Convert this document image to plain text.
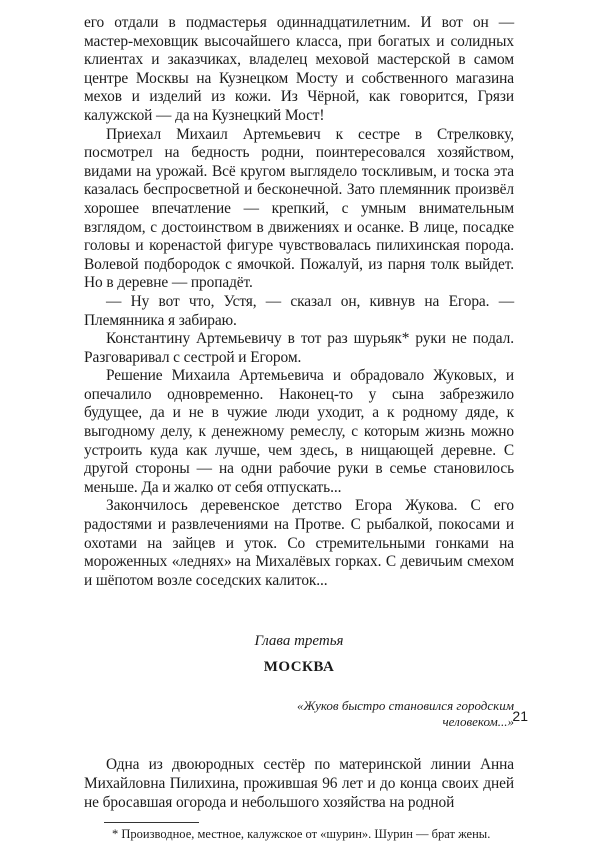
его отдали в подмастерья одиннадцатилетним. И вот он — мастер-меховщик высочайшего класса, при богатых и солидных клиентах и заказчиках, владелец меховой мастерской в самом центре Москвы на Кузнецком Мосту и собственного магазина мехов и изделий из кожи. Из Чёрной, как говорится, Грязи калужской — да на Кузнецкий Мост!

Приехал Михаил Артемьевич к сестре в Стрелковку, посмотрел на бедность родни, поинтересовался хозяйством, видами на урожай. Всё кругом выглядело тоскливым, и тоска эта казалась беспросветной и бесконечной. Зато племянник произвёл хорошее впечатление — крепкий, с умным внимательным взглядом, с достоинством в движениях и осанке. В лице, посадке головы и коренастой фигуре чувствовалась пилихинская порода. Волевой подбородок с ямочкой. Пожалуй, из парня толк выйдет. Но в деревне — пропадёт.

— Ну вот что, Устя, — сказал он, кивнув на Егора. — Племянника я забираю.

Константину Артемьевичу в тот раз шурьяк* руки не подал. Разговаривал с сестрой и Егором.

Решение Михаила Артемьевича и обрадовало Жуковых, и опечалило одновременно. Наконец-то у сына забрезжило будущее, да и не в чужие люди уходит, а к родному дяде, к выгодному делу, к денежному ремеслу, с которым жизнь можно устроить куда как лучше, чем здесь, в нищающей деревне. С другой стороны — на одни рабочие руки в семье становилось меньше. Да и жалко от себя отпускать...

Закончилось деревенское детство Егора Жукова. С его радостями и развлечениями на Протве. С рыбалкой, покосами и охотами на зайцев и уток. Со стремительными гонками на мороженных «леднях» на Михалёвых горках. С девичьим смехом и шёпотом возле соседских калиток...

Глава третья
МОСКВА
«Жуков быстро становился городским человеком...»

Одна из двоюродных сестёр по материнской линии Анна Михайловна Пилихина, прожившая 96 лет и до конца своих дней не бросавшая огорода и небольшого хозяйства на родной

* Производное, местное, калужское от «шурин». Шурин — брат жены.
21
